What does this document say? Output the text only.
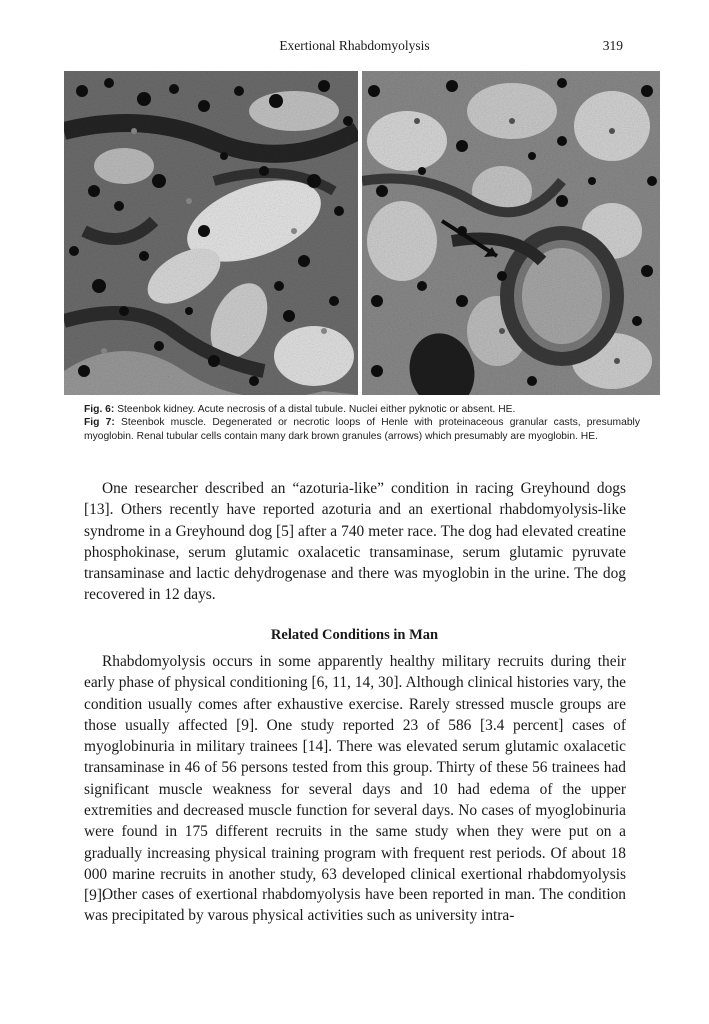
Exertional Rhabdomyolysis	319

Fig. 6: Steenbok kidney. Acute necrosis of a distal tubule. Nuclei either pyknotic or absent. HE.

Fig 7: Steenbok muscle. Degenerated or necrotic loops of Henle with proteinaceous granular casts, presumably myoglobin. Renal tubular cells contain many dark brown granules (arrows) which presumably are myoglobin. HE.

One researcher described an “azoturia-like” condition in racing Greyhound dogs [13]. Others recently have reported azoturia and an exertional rhabdomyolysis-like syndrome in a Greyhound dog [5] after a 740 meter race. The dog had elevated creatine phosphokinase, serum glutamic oxalacetic transaminase, serum glutamic pyruvate transaminase and lactic dehydrogenase and there was myoglobin in the urine. The dog recovered in 12 days.

Related Conditions in Man

Rhabdomyolysis occurs in some apparently healthy military recruits during their early phase of physical conditioning [6, 11, 14, 30]. Although clinical histories vary, the condition usually comes after exhaustive exercise. Rarely stressed muscle groups are those usually affected [9]. One study reported 23 of 586 [3.4 percent] cases of myoglobinuria in military trainees [14]. There was elevated serum glutamic oxalacetic transaminase in 46 of 56 persons tested from this group. Thirty of these 56 trainees had significant muscle weakness for several days and 10 had edema of the upper extremities and decreased muscle function for several days. No cases of myoglobinuria were found in 175 different recruits in the same study when they were put on a gradually increasing physical training program with frequent rest periods. Of about 18 000 marine recruits in another study, 63 developed clinical exertional rhabdomyolysis [9].

Other cases of exertional rhabdomyolysis have been reported in man. The condition was precipitated by varous physical activities such as university intra-
